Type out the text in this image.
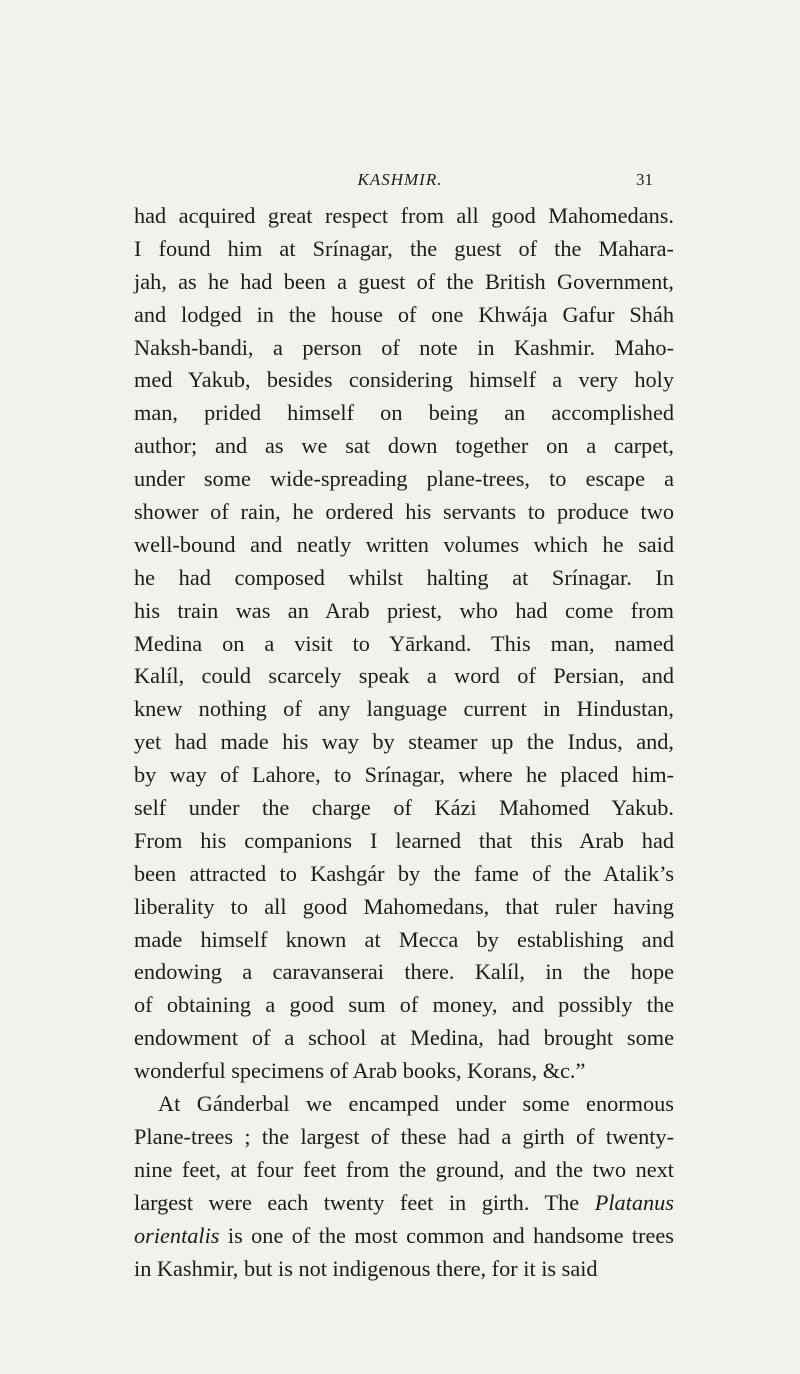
KASHMIR.	31
had acquired great respect from all good Mahomedans.
I found him at Srínagar, the guest of the Mahara-
jah, as he had been a guest of the British Government,
and lodged in the house of one Khwája Gafur Sháh
Naksh-bandi, a person of note in Kashmir. Maho-
med Yakub, besides considering himself a very holy
man, prided himself on being an accomplished
author; and as we sat down together on a carpet,
under some wide-spreading plane-trees, to escape a
shower of rain, he ordered his servants to produce two
well-bound and neatly written volumes which he said
he had composed whilst halting at Srínagar. In
his train was an Arab priest, who had come from
Medina on a visit to Yārkand. This man, named
Kalíl, could scarcely speak a word of Persian, and
knew nothing of any language current in Hindustan,
yet had made his way by steamer up the Indus, and,
by way of Lahore, to Srínagar, where he placed him-
self under the charge of Kázi Mahomed Yakub.
From his companions I learned that this Arab had
been attracted to Kashgár by the fame of the Atalik’s
liberality to all good Mahomedans, that ruler having
made himself known at Mecca by establishing and
endowing a caravanserai there. Kalíl, in the hope
of obtaining a good sum of money, and possibly the
endowment of a school at Medina, had brought some
wonderful specimens of Arab books, Korans, &c.”
At Gánderbal we encamped under some enormous
Plane-trees ; the largest of these had a girth of twenty-
nine feet, at four feet from the ground, and the two next
largest were each twenty feet in girth. The Platanus
orientalis is one of the most common and handsome trees
in Kashmir, but is not indigenous there, for it is said
